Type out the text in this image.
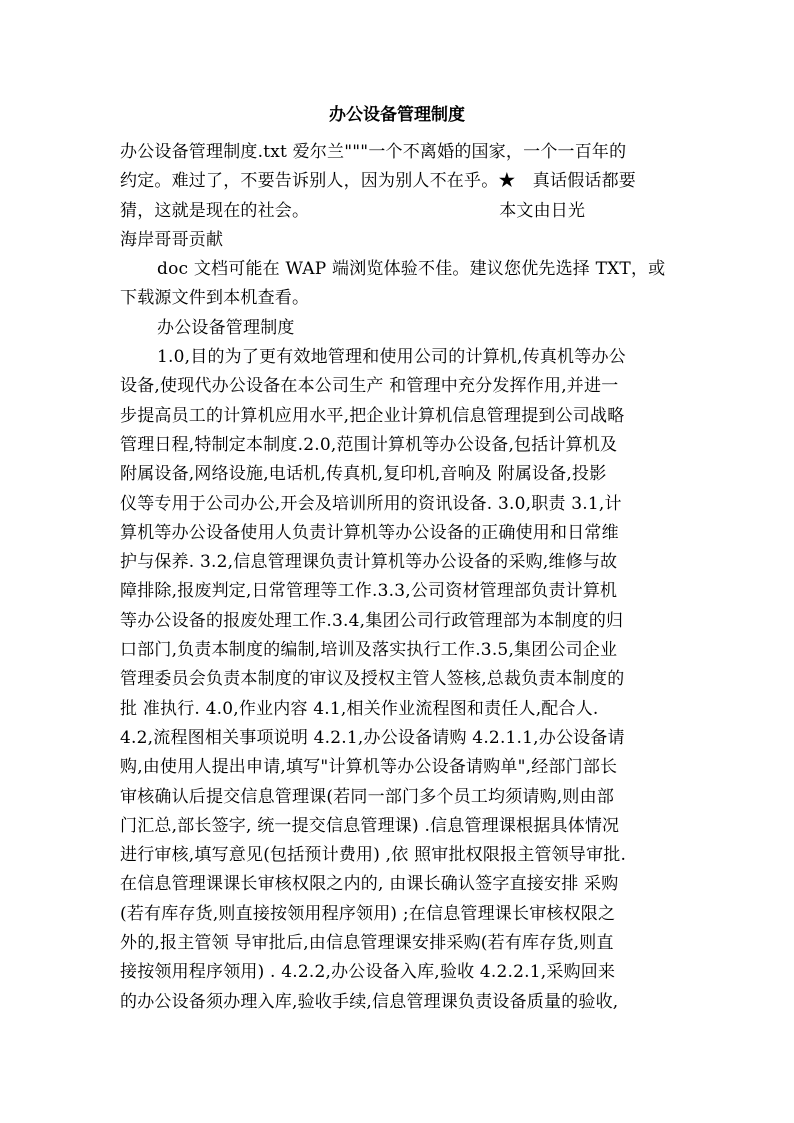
办公设备管理制度
办公设备管理制度.txt 爱尔兰"""一个不离婚的国家，一个一百年的
约定。难过了，不要告诉别人，因为别人不在乎。★　真话假话都要
猜，这就是现在的社会。	本文由日光
海岸哥哥贡献
doc 文档可能在 WAP 端浏览体验不佳。建议您优先选择 TXT，或
下载源文件到本机查看。
办公设备管理制度
1.0,目的为了更有效地管理和使用公司的计算机,传真机等办公
设备,使现代办公设备在本公司生产 和管理中充分发挥作用,并进一
步提高员工的计算机应用水平,把企业计算机信息管理提到公司战略
管理日程,特制定本制度.2.0,范围计算机等办公设备,包括计算机及
附属设备,网络设施,电话机,传真机,复印机,音响及 附属设备,投影
仪等专用于公司办公,开会及培训所用的资讯设备. 3.0,职责 3.1,计
算机等办公设备使用人负责计算机等办公设备的正确使用和日常维
护与保养. 3.2,信息管理课负责计算机等办公设备的采购,维修与故
障排除,报废判定,日常管理等工作.3.3,公司资材管理部负责计算机
等办公设备的报废处理工作.3.4,集团公司行政管理部为本制度的归
口部门,负责本制度的编制,培训及落实执行工作.3.5,集团公司企业
管理委员会负责本制度的审议及授权主管人签核,总裁负责本制度的
批 准执行. 4.0,作业内容 4.1,相关作业流程图和责任人,配合人.
4.2,流程图相关事项说明 4.2.1,办公设备请购 4.2.1.1,办公设备请
购,由使用人提出申请,填写"计算机等办公设备请购单",经部门部长
审核确认后提交信息管理课(若同一部门多个员工均须请购,则由部
门汇总,部长签字, 统一提交信息管理课) .信息管理课根据具体情况
进行审核,填写意见(包括预计费用) ,依 照审批权限报主管领导审批.
在信息管理课课长审核权限之内的, 由课长确认签字直接安排 采购
(若有库存货,则直接按领用程序领用) ;在信息管理课长审核权限之
外的,报主管领 导审批后,由信息管理课安排采购(若有库存货,则直
接按领用程序领用) . 4.2.2,办公设备入库,验收 4.2.2.1,采购回来
的办公设备须办理入库,验收手续,信息管理课负责设备质量的验收,
